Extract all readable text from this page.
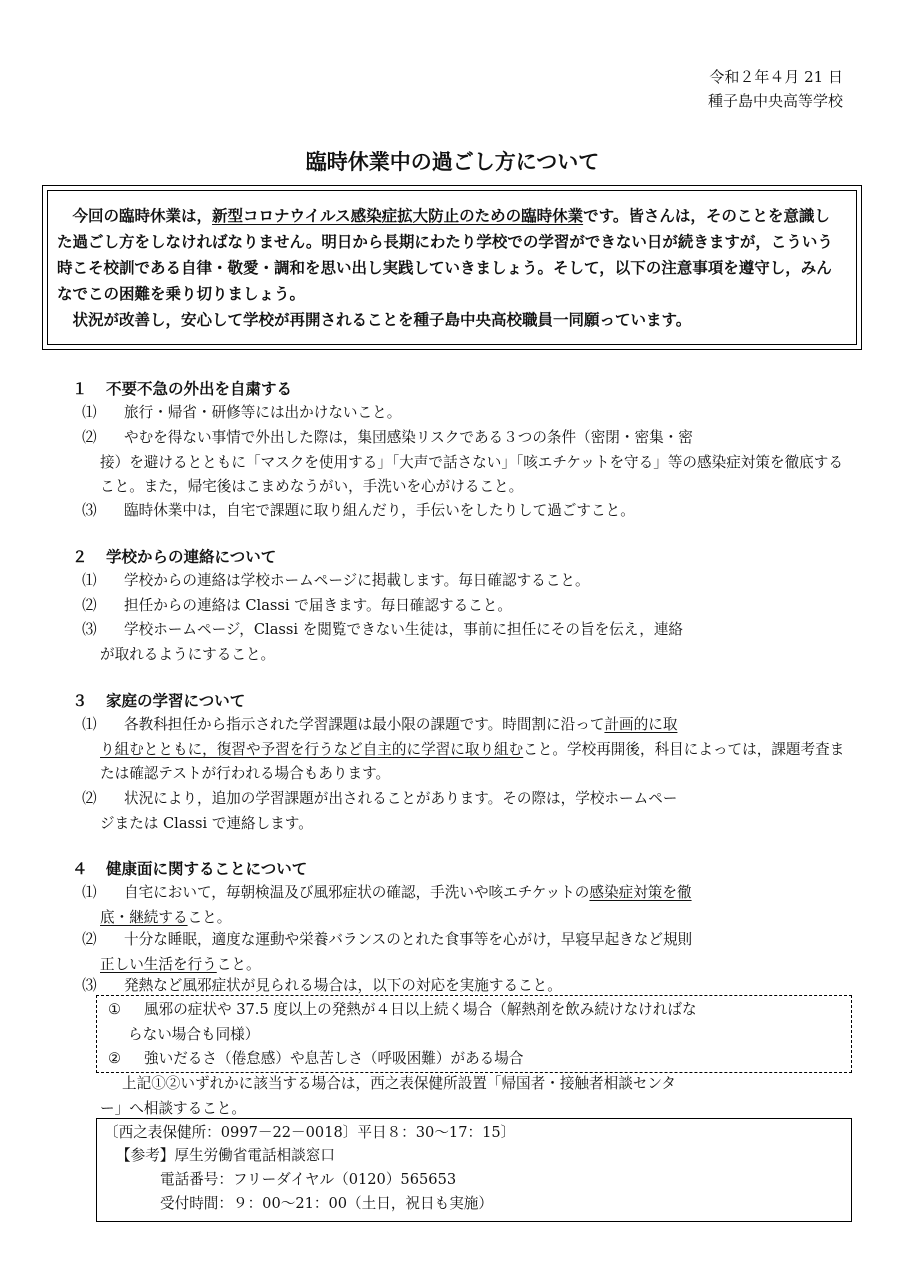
令和２年４月 21 日
種子島中央高等学校
臨時休業中の過ごし方について
今回の臨時休業は，新型コロナウイルス感染症拡大防止のための臨時休業です。皆さんは，そのことを意識した過ごし方をしなければなりません。明日から長期にわたり学校での学習ができない日が続きますが，こういう時こそ校訓である自律・敬愛・調和を思い出し実践していきましょう。そして，以下の注意事項を遵守し，みんなでこの困難を乗り切りましょう。
状況が改善し，安心して学校が再開されることを種子島中央高校職員一同願っています。
１ 不要不急の外出を自粛する
⑴	旅行・帰省・研修等には出かけないこと。
⑵	やむを得ない事情で外出した際は，集団感染リスクである３つの条件（密閉・密集・密
接）を避けるとともに「マスクを使用する」「大声で話さない」「咳エチケットを守る」等の感染症対策を徹底すること。また，帰宅後はこまめなうがい，手洗いを心がけること。
⑶	臨時休業中は，自宅で課題に取り組んだり，手伝いをしたりして過ごすこと。
２ 学校からの連絡について
⑴	学校からの連絡は学校ホームページに掲載します。毎日確認すること。
⑵	担任からの連絡は Classi で届きます。毎日確認すること。
⑶	学校ホームページ，Classi を閲覧できない生徒は，事前に担任にその旨を伝え，連絡
が取れるようにすること。
３ 家庭の学習について
⑴	各教科担任から指示された学習課題は最小限の課題です。時間割に沿って計画的に取
り組むとともに，復習や予習を行うなど自主的に学習に取り組むこと。学校再開後，科目によっては，課題考査または確認テストが行われる場合もあります。
⑵	状況により，追加の学習課題が出されることがあります。その際は，学校ホームペー
ジまたは Classi で連絡します。
４ 健康面に関することについて
⑴	自宅において，毎朝検温及び風邪症状の確認，手洗いや咳エチケットの感染症対策を徹
底・継続すること。
⑵	十分な睡眠，適度な運動や栄養バランスのとれた食事等を心がけ，早寝早起きなど規則
正しい生活を行うこと。
⑶	発熱など風邪症状が見られる場合は，以下の対応を実施すること。
①	風邪の症状や 37.5 度以上の発熱が４日以上続く場合（解熱剤を飲み続けなければな
らない場合も同様）
②	強いだるさ（倦怠感）や息苦しさ（呼吸困難）がある場合
上記①②いずれかに該当する場合は，西之表保健所設置「帰国者・接触者相談センタ
ー」へ相談すること。
〔西之表保健所：0997－22－0018〕平日８：30～17：15〕
【参考】厚生労働省電話相談窓口
電話番号：フリーダイヤル（0120）565653
受付時間：９：00～21：00（土日，祝日も実施）
